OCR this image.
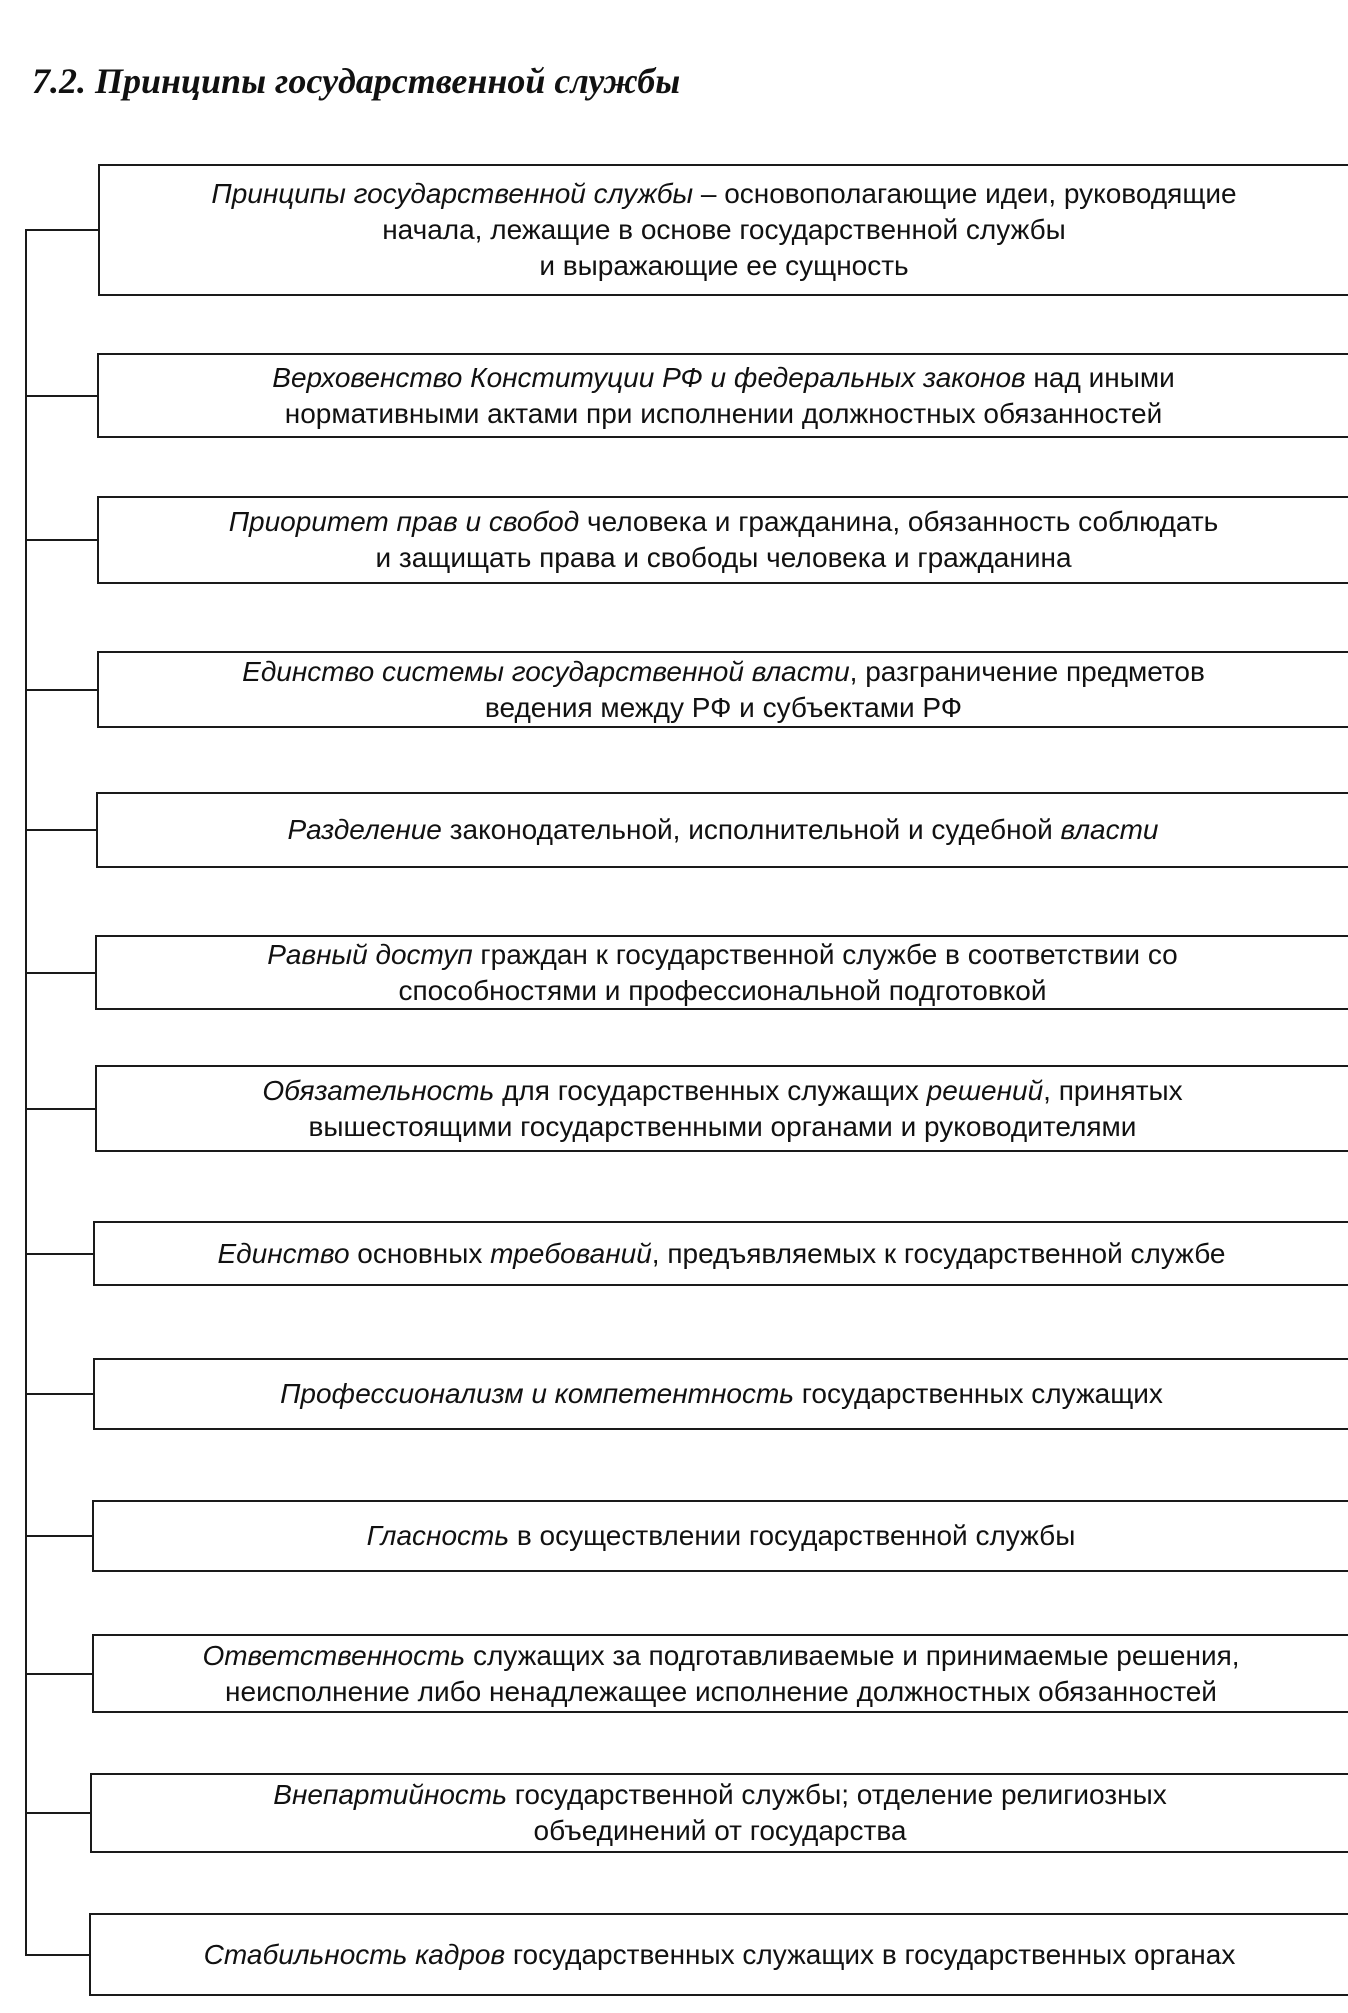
7.2. Принципы государственной службы

Принципы государственной службы – основополагающие идеи, руководящие
начала, лежащие в основе государственной службы
и выражающие ее сущность

Верховенство Конституции РФ и федеральных законов над иными
нормативными актами при исполнении должностных обязанностей

Приоритет прав и свобод человека и гражданина, обязанность соблюдать
и защищать права и свободы человека и гражданина

Единство системы государственной власти, разграничение предметов
ведения между РФ и субъектами РФ

Разделение законодательной, исполнительной и судебной власти

Равный доступ граждан к государственной службе в соответствии со
способностями и профессиональной подготовкой

Обязательность для государственных служащих решений, принятых
вышестоящими государственными органами и руководителями

Единство основных требований, предъявляемых к государственной службе

Профессионализм и компетентность государственных служащих

Гласность в осуществлении государственной службы

Ответственность служащих за подготавливаемые и принимаемые решения,
неисполнение либо ненадлежащее исполнение должностных обязанностей

Внепартийность государственной службы; отделение религиозных
объединений от государства

Стабильность кадров государственных служащих в государственных органах
